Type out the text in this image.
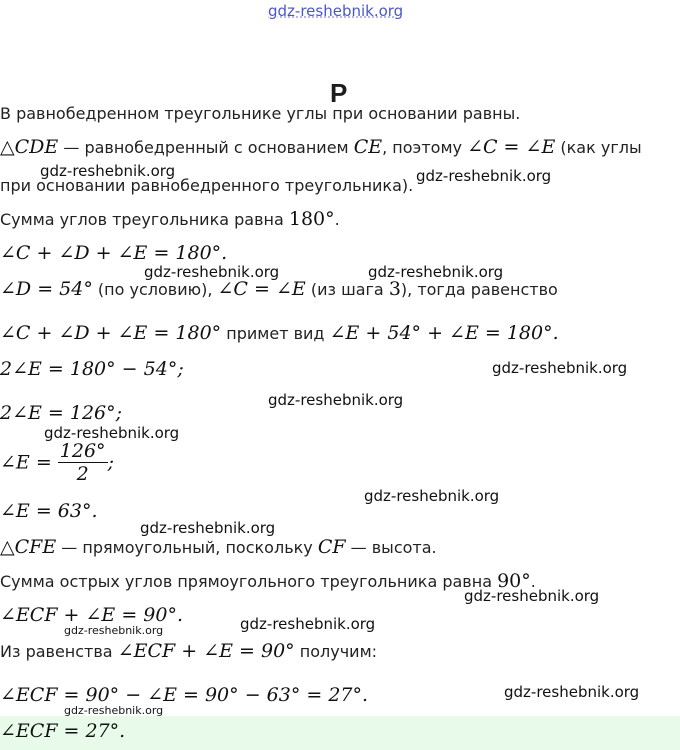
gdz-reshebnik.org
Р
В равнобедренном треугольнике углы при основании равны.
△CDE — равнобедренный с основанием CE, поэтому ∠C = ∠E (как углы
при основании равнобедренного треугольника).
Сумма углов треугольника равна 180°.
∠C + ∠D + ∠E = 180°.
∠D = 54° (по условию), ∠C = ∠E (из шага 3), тогда равенство
∠C + ∠D + ∠E = 180° примет вид ∠E + 54° + ∠E = 180°.
2∠E = 180° − 54°;
2∠E = 126°;
∠E = $\frac{126^\circ}{2}$ ;
∠E = 63°.
△CFE — прямоугольный, поскольку CF — высота.
Сумма острых углов прямоугольного треугольника равна 90°.
∠ECF + ∠E = 90°.
Из равенства ∠ECF + ∠E = 90° получим:
∠ECF = 90° − ∠E = 90° − 63° = 27°.
∠ECF = 27°.
gdz-reshebnik.org	gdz-reshebnik.org
gdz-reshebnik.org	gdz-reshebnik.org
gdz-reshebnik.org
gdz-reshebnik.org
gdz-reshebnik.org
gdz-reshebnik.org
gdz-reshebnik.org
gdz-reshebnik.org
gdz-reshebnik.org	gdz-reshebnik.org
gdz-reshebnik.org
gdz-reshebnik.org
